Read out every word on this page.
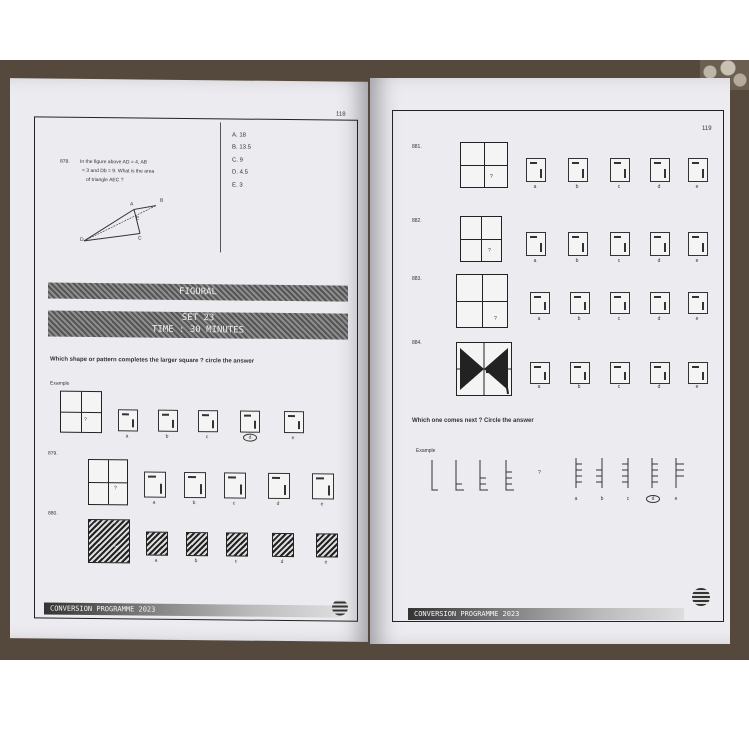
118
878. In the figure above AD = 4, AB
= 3 and Db = 9. What is the area
of triangle AEC ?
A
B
D	C
E
A. 18
B. 13.5
C. 9
D. 4.5
E. 3
FIGURAL
SET 23
TIME : 30 MINUTES
Which shape or pattern completes the larger square ? circle the answer
Example
?
a	b	c	d	e
879.
?
a	b	c	d	e
880.
?
a	b	c	d	e
CONVERSION PROGRAMME 2023
119
881.
?
a	b	c	d	e
882.
?
a	b	c	d	e
883.
?	a	b	c	d	e
884.
?	a	b	c	d	e
Which one comes next ? Circle the answer
Example
?
a	b	c	d	e
CONVERSION PROGRAMME 2023
